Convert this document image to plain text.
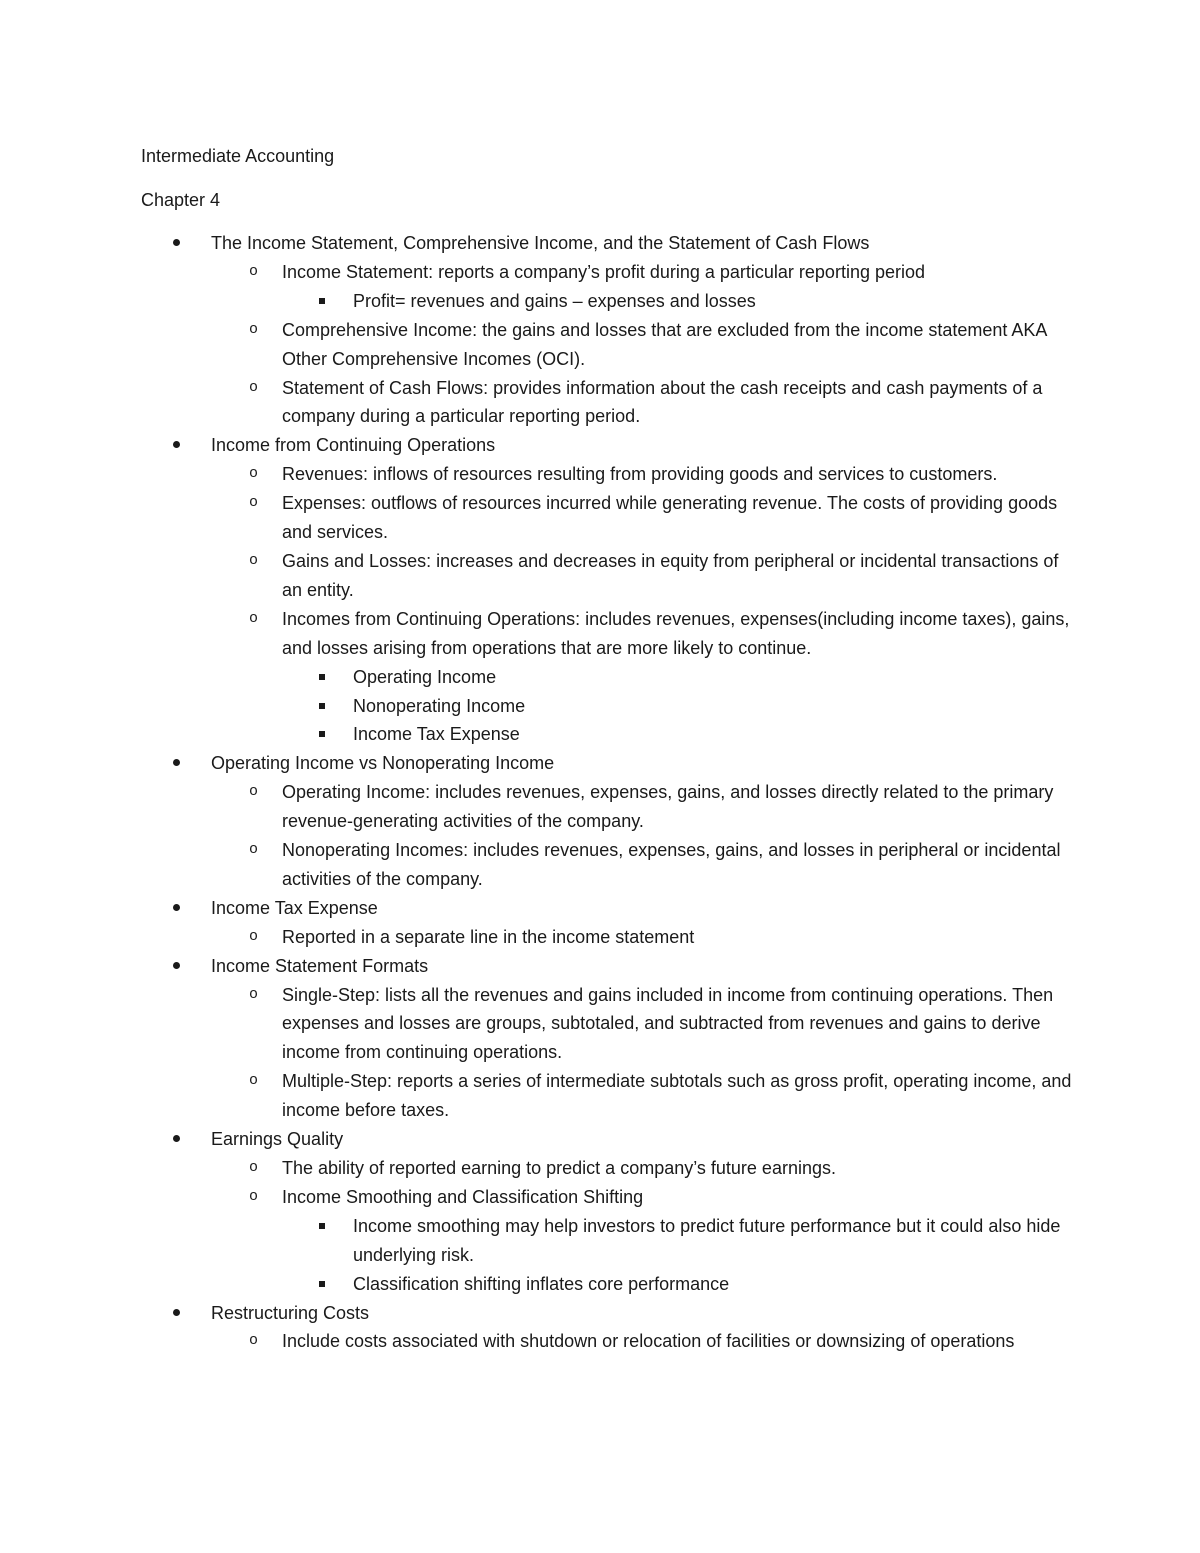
Intermediate Accounting

Chapter 4

The Income Statement, Comprehensive Income, and the Statement of Cash Flows
o	Income Statement: reports a company’s profit during a particular reporting period
Profit= revenues and gains – expenses and losses
o	Comprehensive Income: the gains and losses that are excluded from the income statement AKA Other Comprehensive Incomes (OCI).
o	Statement of Cash Flows: provides information about the cash receipts and cash payments of a company during a particular reporting period.
Income from Continuing Operations
o	Revenues: inflows of resources resulting from providing goods and services to customers.
o	Expenses: outflows of resources incurred while generating revenue. The costs of providing goods and services.
o	Gains and Losses: increases and decreases in equity from peripheral or incidental transactions of an entity.
o	Incomes from Continuing Operations: includes revenues, expenses(including income taxes), gains, and losses arising from operations that are more likely to continue.
Operating Income
Nonoperating Income
Income Tax Expense
Operating Income vs Nonoperating Income
o	Operating Income: includes revenues, expenses, gains, and losses directly related to the primary revenue-generating activities of the company.
o	Nonoperating Incomes: includes revenues, expenses, gains, and losses in peripheral or incidental activities of the company.
Income Tax Expense
o	Reported in a separate line in the income statement
Income Statement Formats
o	Single-Step: lists all the revenues and gains included in income from continuing operations. Then expenses and losses are groups, subtotaled, and subtracted from revenues and gains to derive income from continuing operations.
o	Multiple-Step: reports a series of intermediate subtotals such as gross profit, operating income, and income before taxes.
Earnings Quality
o	The ability of reported earning to predict a company’s future earnings.
o	Income Smoothing and Classification Shifting
Income smoothing may help investors to predict future performance but it could also hide underlying risk.
Classification shifting inflates core performance
Restructuring Costs
o	Include costs associated with shutdown or relocation of facilities or downsizing of operations
